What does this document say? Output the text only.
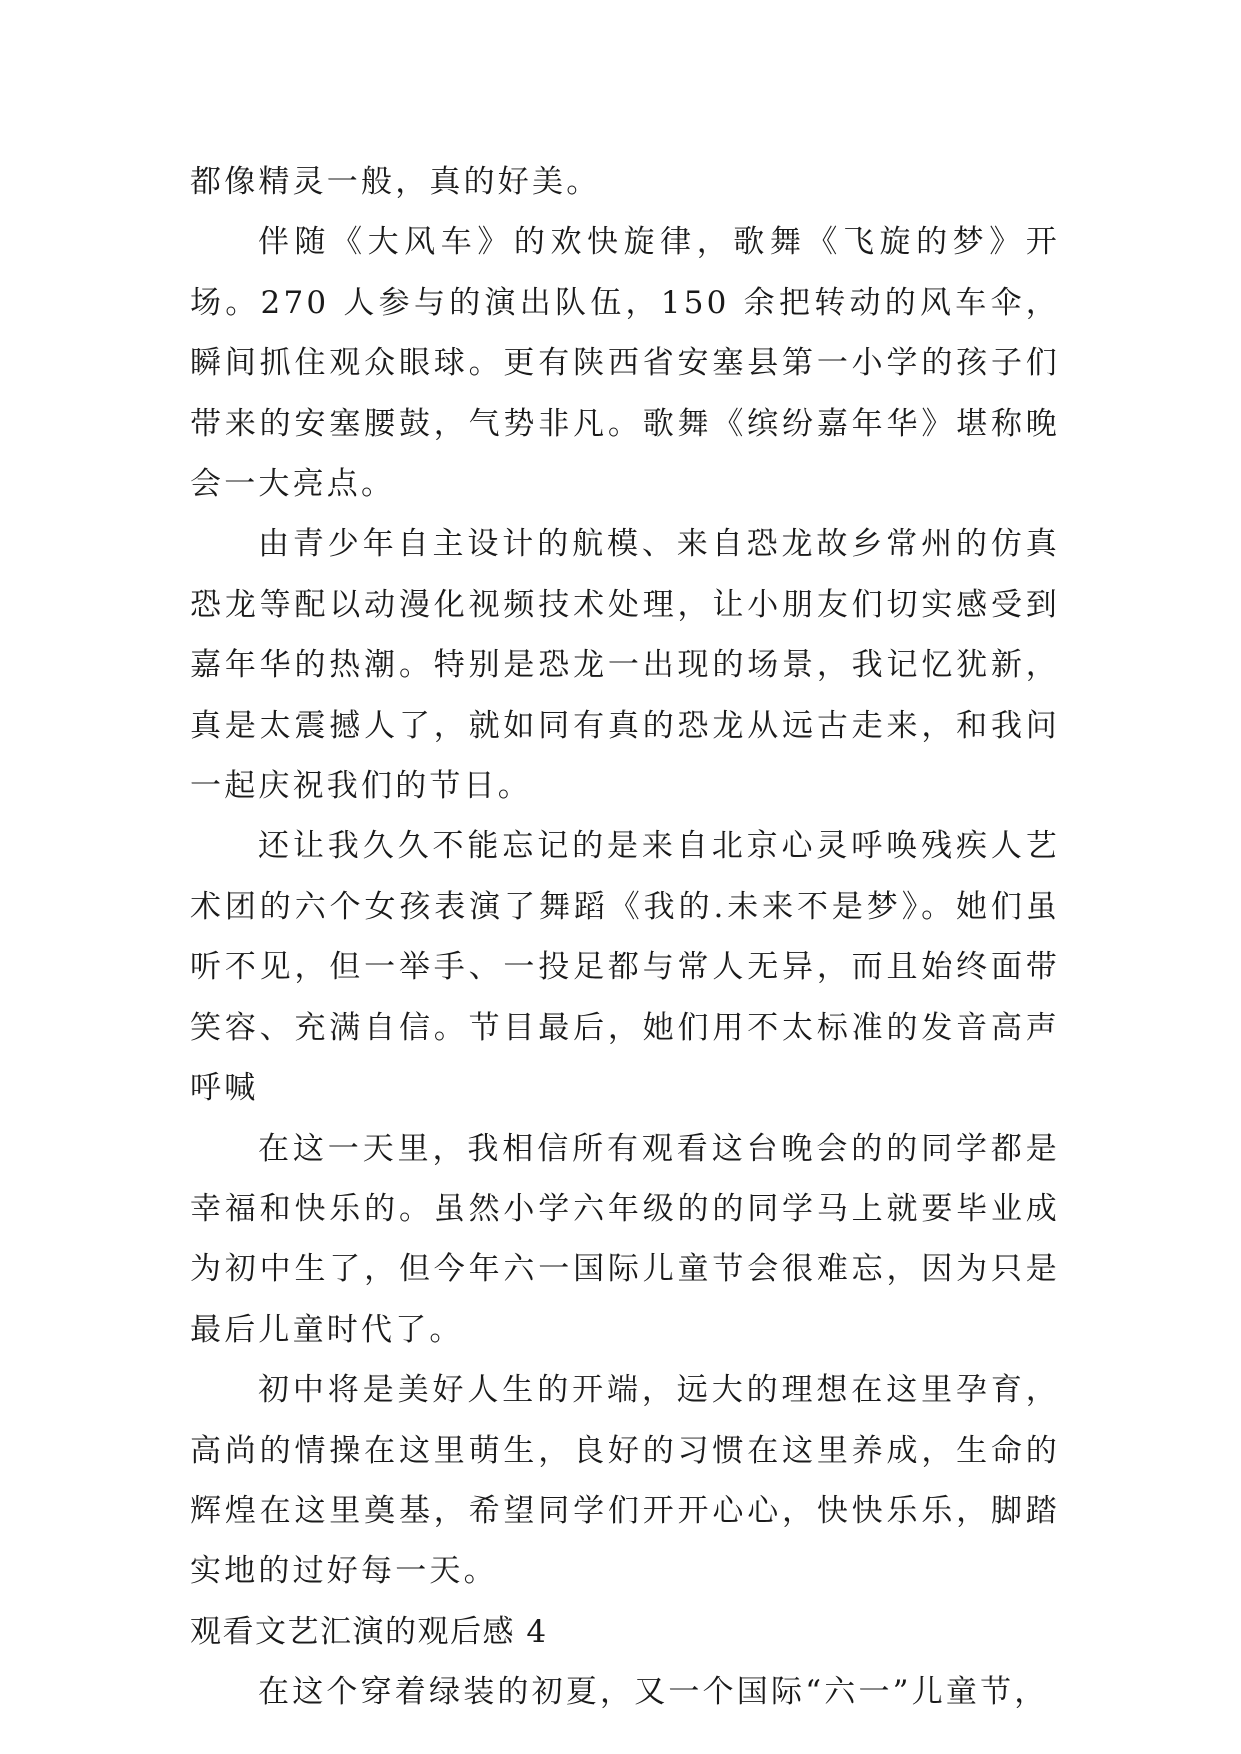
都像精灵一般，真的好美。

伴随《大风车》的欢快旋律，歌舞《飞旋的梦》开场。270 人参与的演出队伍，150 余把转动的风车伞，瞬间抓住观众眼球。更有陕西省安塞县第一小学的孩子们带来的安塞腰鼓，气势非凡。歌舞《缤纷嘉年华》堪称晚会一大亮点。

由青少年自主设计的航模、来自恐龙故乡常州的仿真恐龙等配以动漫化视频技术处理，让小朋友们切实感受到嘉年华的热潮。特别是恐龙一出现的场景，我记忆犹新，真是太震撼人了，就如同有真的恐龙从远古走来，和我问一起庆祝我们的节日。

还让我久久不能忘记的是来自北京心灵呼唤残疾人艺术团的六个女孩表演了舞蹈《我的.未来不是梦》。她们虽听不见，但一举手、一投足都与常人无异，而且始终面带笑容、充满自信。节目最后，她们用不太标准的发音高声呼喊

在这一天里，我相信所有观看这台晚会的的同学都是幸福和快乐的。虽然小学六年级的的同学马上就要毕业成为初中生了，但今年六一国际儿童节会很难忘，因为只是最后儿童时代了。

初中将是美好人生的开端，远大的理想在这里孕育，高尚的情操在这里萌生，良好的习惯在这里养成，生命的辉煌在这里奠基，希望同学们开开心心，快快乐乐，脚踏实地的过好每一天。

观看文艺汇演的观后感 4

在这个穿着绿装的初夏，又一个国际“六一”儿童节，
